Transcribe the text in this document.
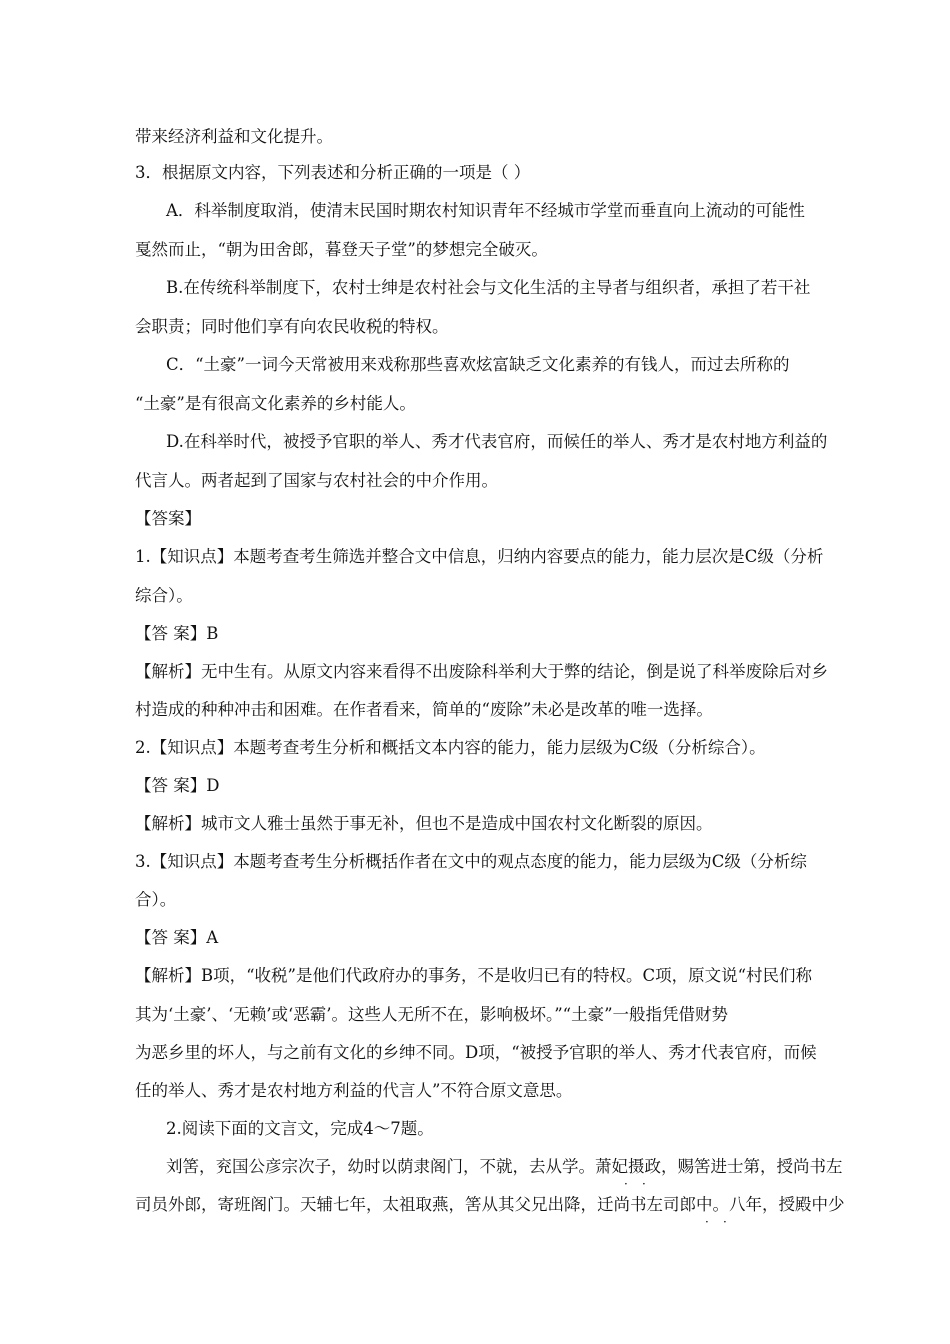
带来经济利益和文化提升。
3．根据原文内容，下列表述和分析正确的一项是（ ）
A．科举制度取消，使清末民国时期农村知识青年不经城市学堂而垂直向上流动的可能性
戛然而止，“朝为田舍郎，暮登天子堂”的梦想完全破灭。
B.在传统科举制度下，农村士绅是农村社会与文化生活的主导者与组织者，承担了若干社
会职责；同时他们享有向农民收税的特权。
C．“土豪”一词今天常被用来戏称那些喜欢炫富缺乏文化素养的有钱人，而过去所称的
“土豪”是有很高文化素养的乡村能人。
D.在科举时代，被授予官职的举人、秀才代表官府，而候任的举人、秀才是农村地方利益的
代言人。两者起到了国家与农村社会的中介作用。
【答案】
1.【知识点】本题考查考生筛选并整合文中信息，归纳内容要点的能力，能力层次是C级（分析
综合）。
【答 案】B
【解析】无中生有。从原文内容来看得不出废除科举利大于弊的结论，倒是说了科举废除后对乡
村造成的种种冲击和困难。在作者看来，简单的“废除”未必是改革的唯一选择。
2.【知识点】本题考查考生分析和概括文本内容的能力，能力层级为C级（分析综合）。
【答 案】D
【解析】城市文人雅士虽然于事无补，但也不是造成中国农村文化断裂的原因。
3.【知识点】本题考查考生分析概括作者在文中的观点态度的能力，能力层级为C级（分析综
合）。
【答 案】A
【解析】B项，“收税”是他们代政府办的事务，不是收归已有的特权。C项，原文说“村民们称
其为‘土豪’、‘无赖’或‘恶霸’。这些人无所不在，影响极坏。”“土豪”一般指凭借财势
为恶乡里的坏人，与之前有文化的乡绅不同。D项，“被授予官职的举人、秀才代表官府，而候
任的举人、秀才是农村地方利益的代言人”不符合原文意思。
2.阅读下面的文言文，完成4～7题。
刘筈，兖国公彦宗次子，幼时以荫隶阁门，不就，去从学。萧妃摄政，赐筈进士第，授尚书左
司员外郎，寄班阁门。天辅七年，太祖取燕，筈从其父兄出降，迁尚书左司郎中。八年，授殿中少
· ·
· ·
